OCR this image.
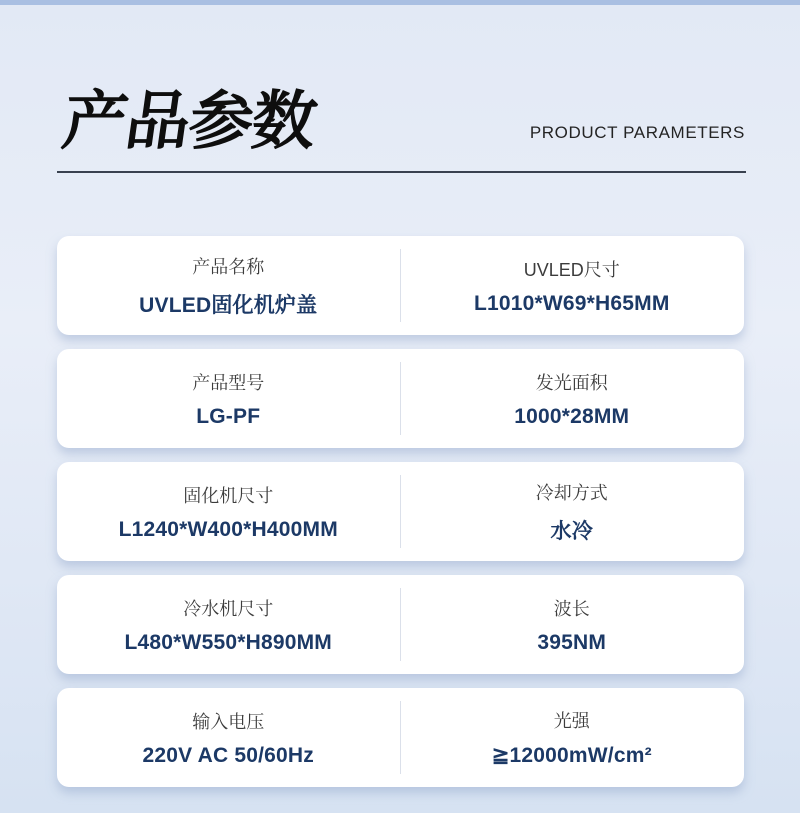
产品参数	PRODUCT PARAMETERS
产品名称
UVLED固化机炉盖
UVLED尺寸
L1010*W69*H65MM
产品型号
LG-PF
发光面积
1000*28MM
固化机尺寸
L1240*W400*H400MM
冷却方式
水冷
冷水机尺寸
L480*W550*H890MM
波长
395NM
输入电压
220V AC 50/60Hz
光强
≧12000mW/cm²
